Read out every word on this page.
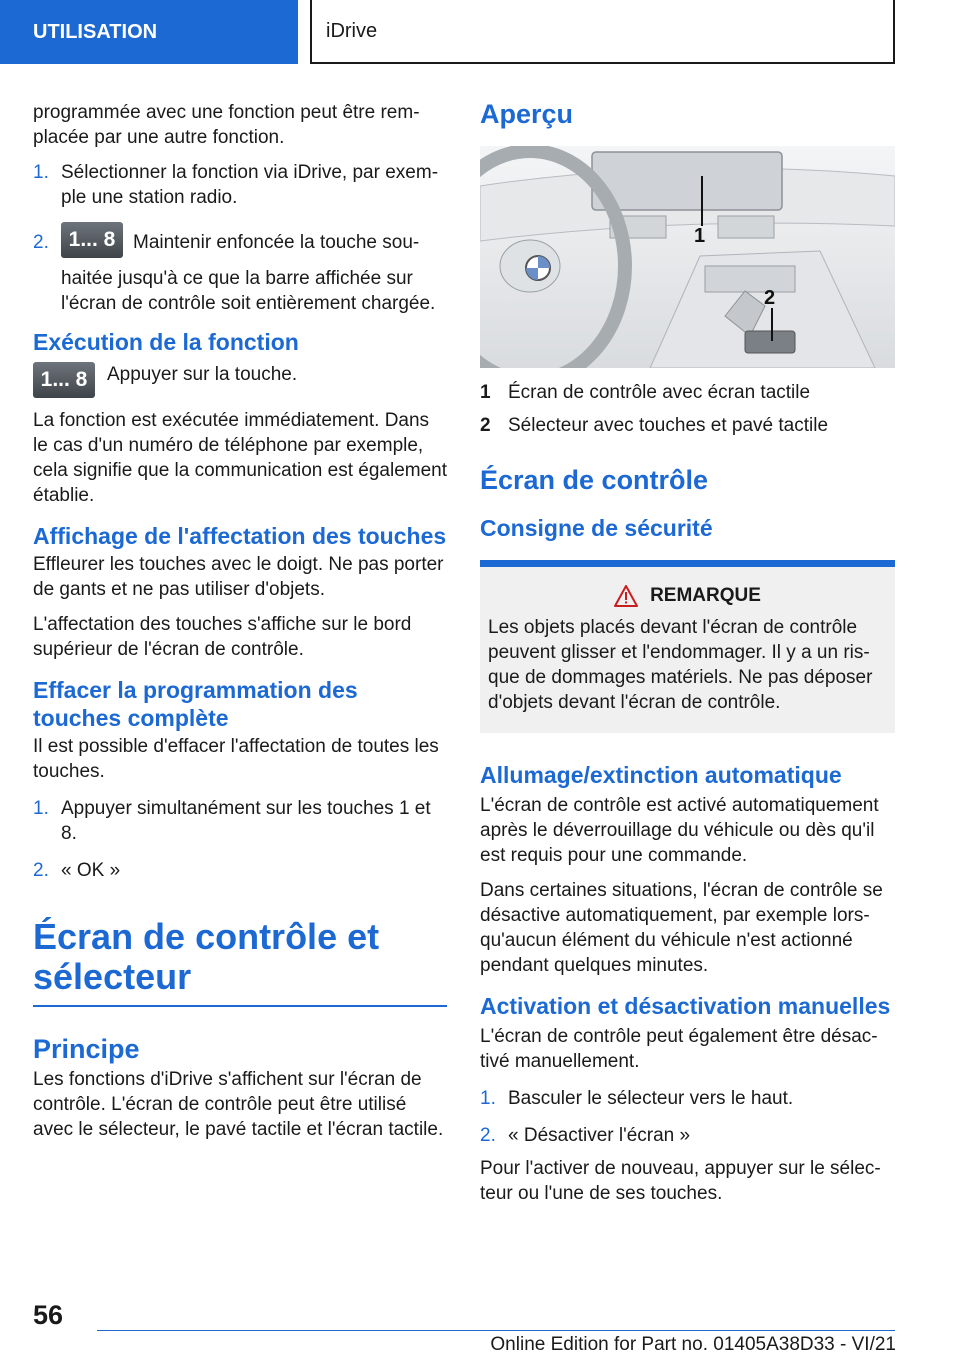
UTILISATION	iDrive

programmée avec une fonction peut être remplacée par une autre fonction.

1. Sélectionner la fonction via iDrive, par exemple une station radio.
2. 1... 8 Maintenir enfoncée la touche souhaitée jusqu'à ce que la barre affichée sur l'écran de contrôle soit entièrement chargée.
Exécution de la fonction
1... 8	Appuyer sur la touche.

La fonction est exécutée immédiatement. Dans le cas d'un numéro de téléphone par exemple, cela signifie que la communication est également établie.

Affichage de l'affectation des touches

Effleurer les touches avec le doigt. Ne pas porter de gants et ne pas utiliser d'objets.

L'affectation des touches s'affiche sur le bord supérieur de l'écran de contrôle.

Effacer la programmation des touches complète

Il est possible d'effacer l'affectation de toutes les touches.

1. Appuyer simultanément sur les touches 1 et 8.
2. « OK »
Écran de contrôle et sélecteur
Principe

Les fonctions d'iDrive s'affichent sur l'écran de contrôle. L'écran de contrôle peut être utilisé avec le sélecteur, le pavé tactile et l'écran tactile.

Aperçu
1
2
1 Écran de contrôle avec écran tactile
2 Sélecteur avec touches et pavé tactile
Écran de contrôle
Consigne de sécurité
REMARQUE

Les objets placés devant l'écran de contrôle peuvent glisser et l'endommager. Il y a un risque de dommages matériels. Ne pas déposer d'objets devant l'écran de contrôle.

Allumage/extinction automatique

L'écran de contrôle est activé automatiquement après le déverrouillage du véhicule ou dès qu'il est requis pour une commande.

Dans certaines situations, l'écran de contrôle se désactive automatiquement, par exemple lorsqu'aucun élément du véhicule n'est actionné pendant quelques minutes.

Activation et désactivation manuelles

L'écran de contrôle peut également être désactivé manuellement.

1. Basculer le sélecteur vers le haut.
2. « Désactiver l'écran »

Pour l'activer de nouveau, appuyer sur le sélecteur ou l'une de ses touches.

56
Online Edition for Part no. 01405A38D33 - VI/21
